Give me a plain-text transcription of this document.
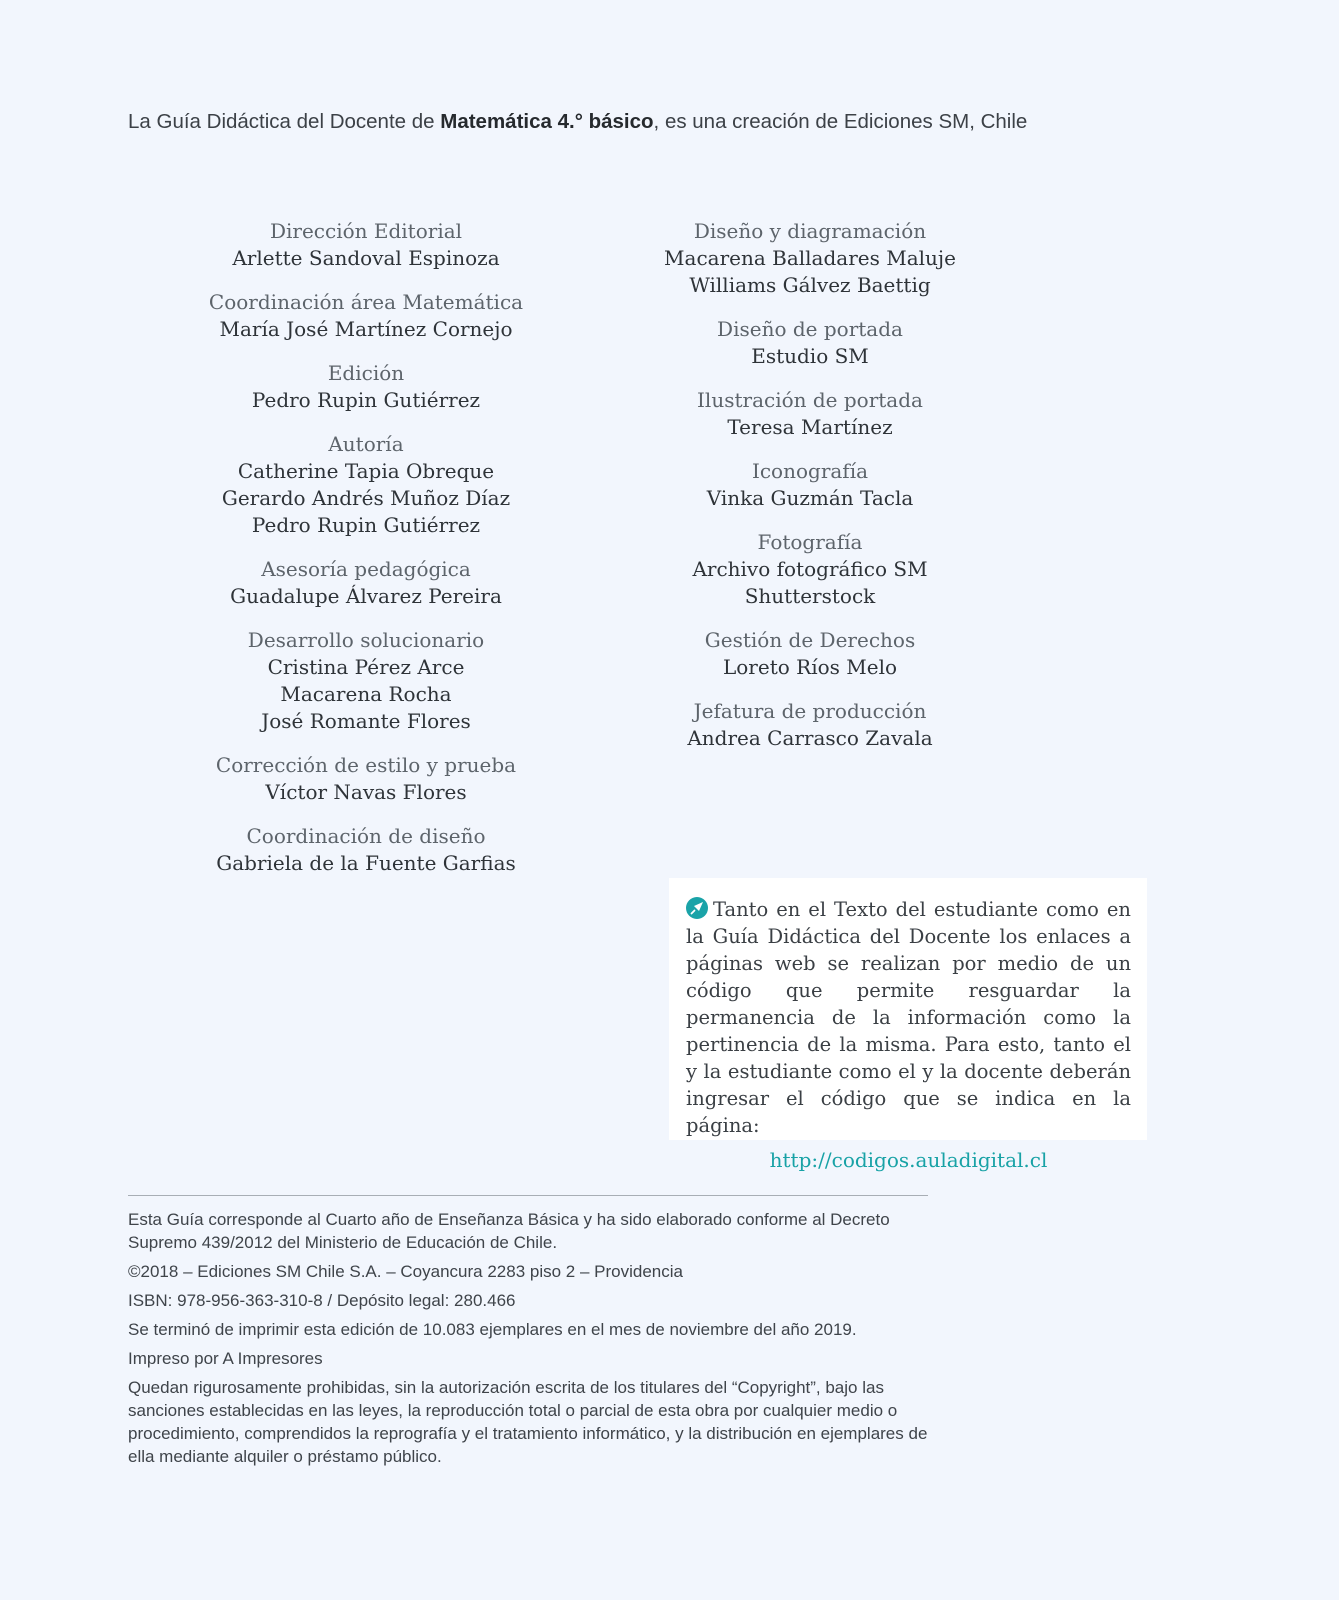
La Guía Didáctica del Docente de Matemática 4.° básico, es una creación de Ediciones SM, Chile
Dirección Editorial
Arlette Sandoval Espinoza
Coordinación área Matemática
María José Martínez Cornejo
Edición
Pedro Rupin Gutiérrez
Autoría
Catherine Tapia Obreque
Gerardo Andrés Muñoz Díaz
Pedro Rupin Gutiérrez
Asesoría pedagógica
Guadalupe Álvarez Pereira
Desarrollo solucionario
Cristina Pérez Arce
Macarena Rocha
José Romante Flores
Corrección de estilo y prueba
Víctor Navas Flores
Coordinación de diseño
Gabriela de la Fuente Garfias
Diseño y diagramación
Macarena Balladares Maluje
Williams Gálvez Baettig
Diseño de portada
Estudio SM
Ilustración de portada
Teresa Martínez
Iconografía
Vinka Guzmán Tacla
Fotografía
Archivo fotográfico SM
Shutterstock
Gestión de Derechos
Loreto Ríos Melo
Jefatura de producción
Andrea Carrasco Zavala

Tanto en el Texto del estudiante como en la Guía Didáctica del Docente los enlaces a páginas web se realizan por medio de un código que permite resguardar la permanencia de la información como la pertinencia de la misma. Para esto, tanto el y la estudiante como el y la docente deberán ingresar el código que se indica en la página:

http://codigos.auladigital.cl

Esta Guía corresponde al Cuarto año de Enseñanza Básica y ha sido elaborado conforme al Decreto Supremo 439/2012 del Ministerio de Educación de Chile.

©2018 – Ediciones SM Chile S.A. – Coyancura 2283 piso 2 – Providencia

ISBN: 978-956-363-310-8 / Depósito legal: 280.466

Se terminó de imprimir esta edición de 10.083 ejemplares en el mes de noviembre del año 2019.

Impreso por A Impresores

Quedan rigurosamente prohibidas, sin la autorización escrita de los titulares del “Copyright”, bajo las sanciones establecidas en las leyes, la reproducción total o parcial de esta obra por cualquier medio o procedimiento, comprendidos la reprografía y el tratamiento informático, y la distribución en ejemplares de ella mediante alquiler o préstamo público.
